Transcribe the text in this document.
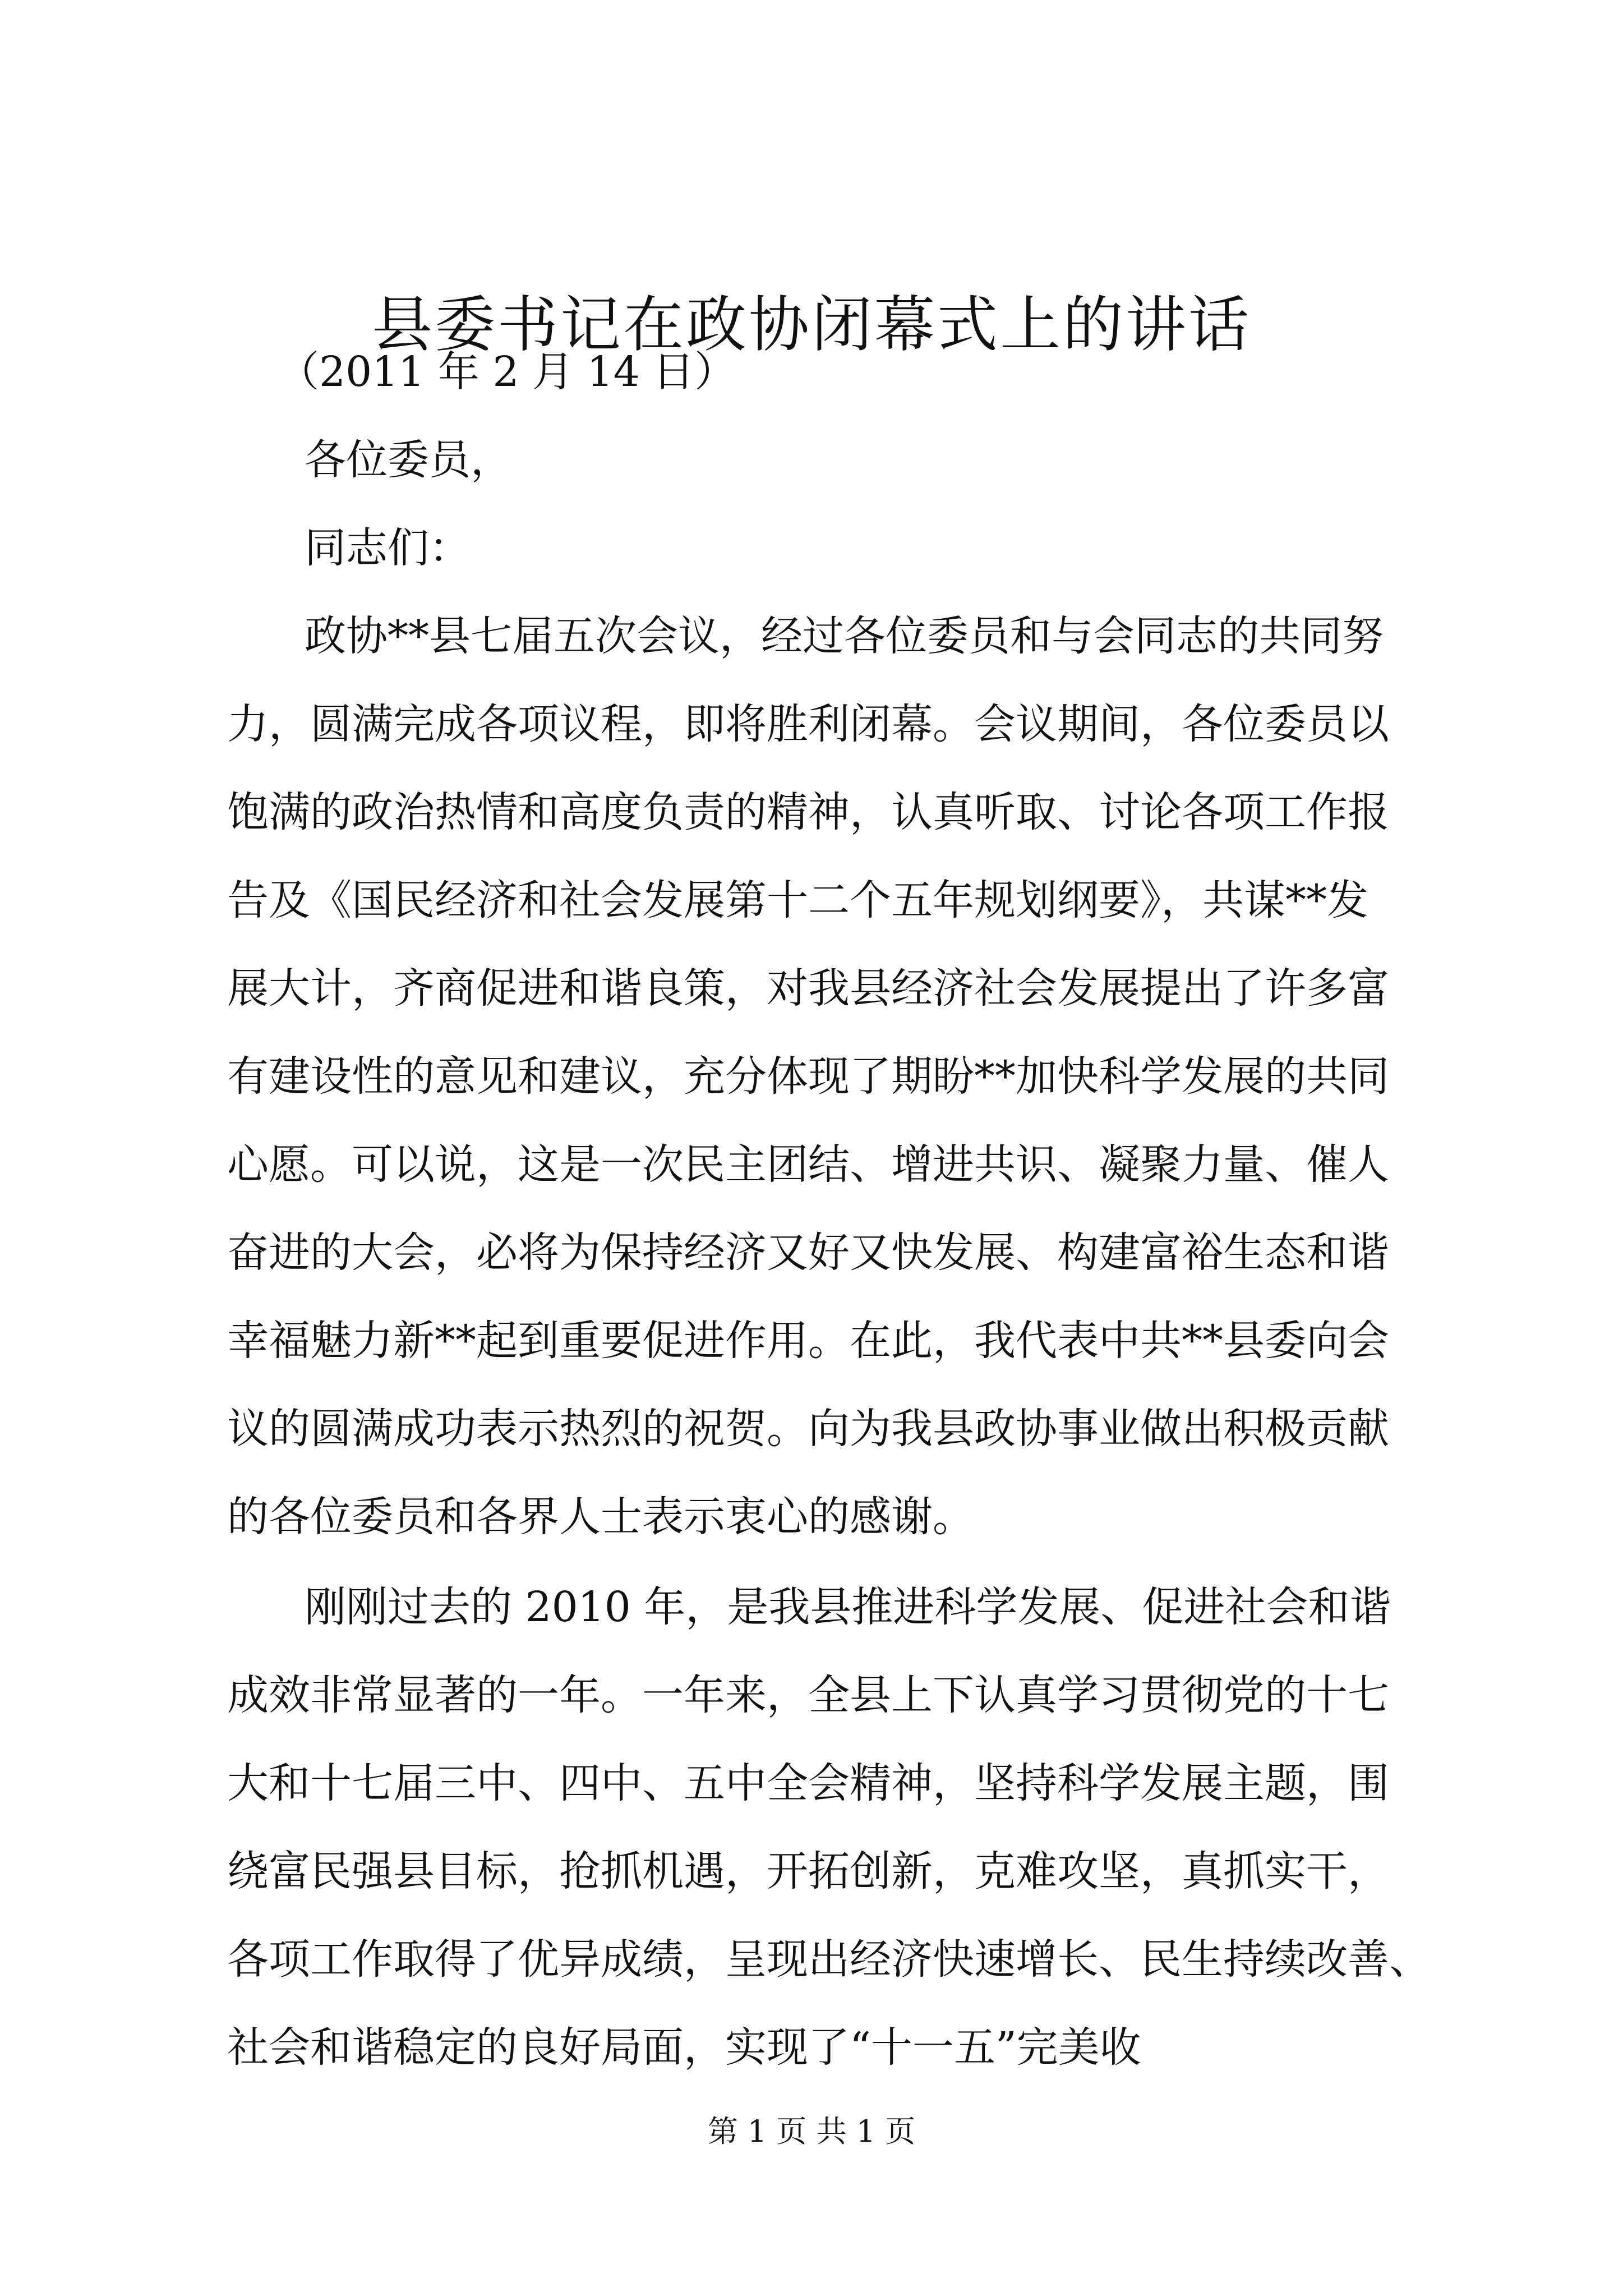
县委书记在政协闭幕式上的讲话

（2011 年 2 月 14 日）

各位委员，

同志们：

政协**县七届五次会议，经过各位委员和与会同志的共同努

力，圆满完成各项议程，即将胜利闭幕。会议期间，各位委员以

饱满的政治热情和高度负责的精神，认真听取、讨论各项工作报

告及《国民经济和社会发展第十二个五年规划纲要》，共谋**发

展大计，齐商促进和谐良策，对我县经济社会发展提出了许多富

有建设性的意见和建议，充分体现了期盼**加快科学发展的共同

心愿。可以说，这是一次民主团结、增进共识、凝聚力量、催人

奋进的大会，必将为保持经济又好又快发展、构建富裕生态和谐

幸福魅力新**起到重要促进作用。在此，我代表中共**县委向会

议的圆满成功表示热烈的祝贺。向为我县政协事业做出积极贡献

的各位委员和各界人士表示衷心的感谢。

刚刚过去的 2010 年，是我县推进科学发展、促进社会和谐

成效非常显著的一年。一年来，全县上下认真学习贯彻党的十七

大和十七届三中、四中、五中全会精神，坚持科学发展主题，围

绕富民强县目标，抢抓机遇，开拓创新，克难攻坚，真抓实干，

各项工作取得了优异成绩，呈现出经济快速增长、民生持续改善、

社会和谐稳定的良好局面，实现了“十一五”完美收

第 1 页 共 1 页
